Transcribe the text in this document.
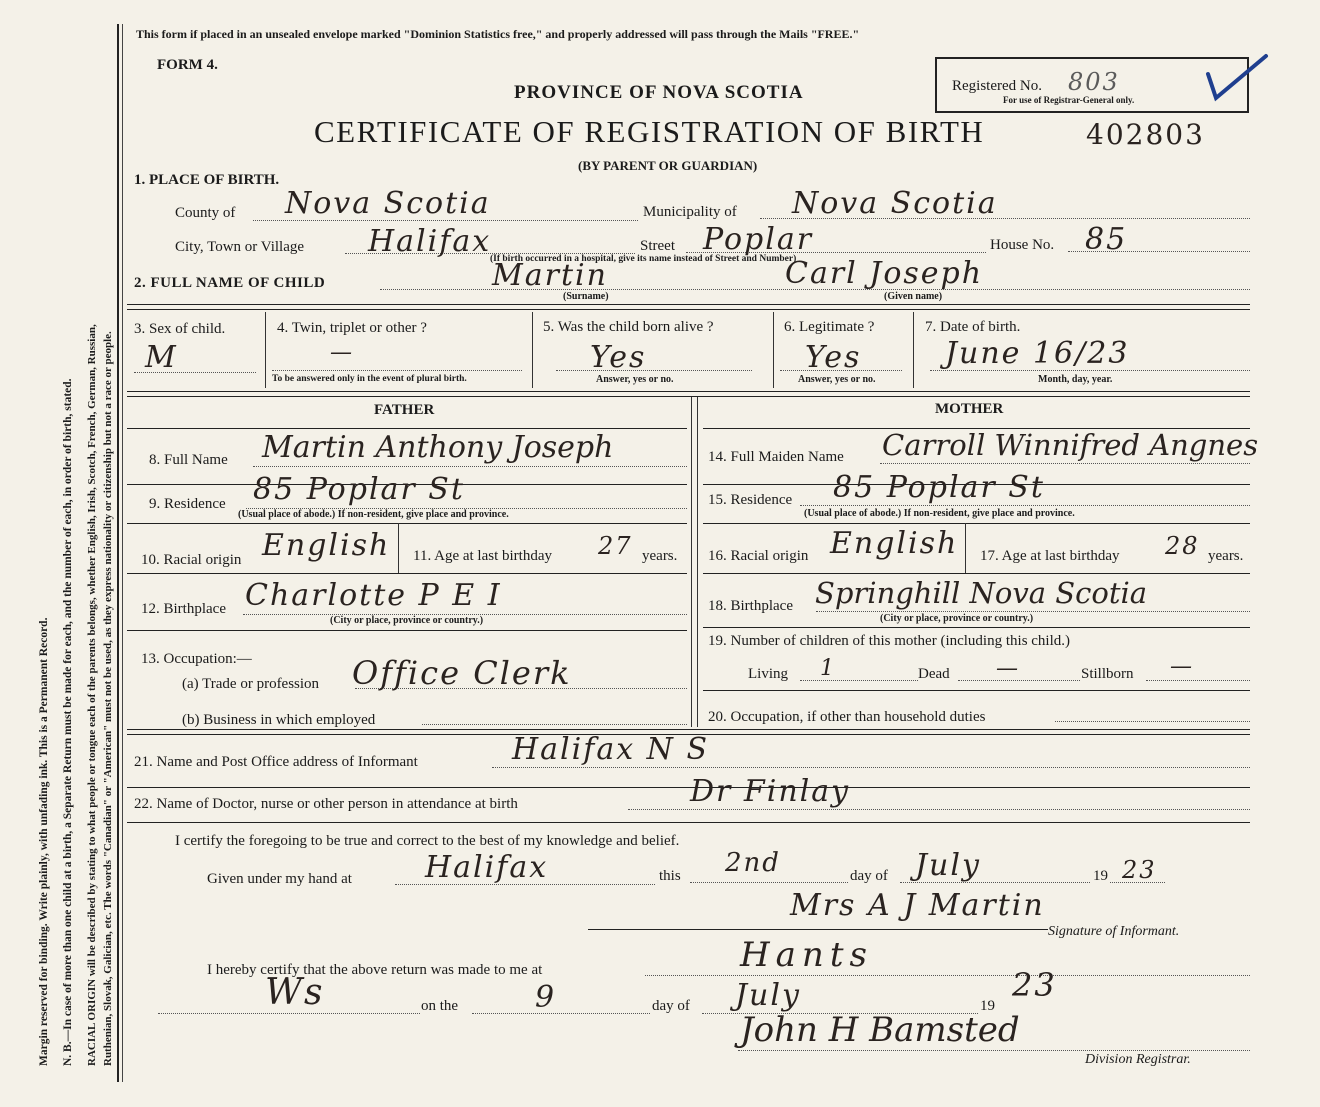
Margin reserved for binding. Write plainly, with unfading ink. This is a Permanent Record. N. B.—In case of more than one child at a birth, a Separate Return must be made for each, and the number of each, in order of birth, stated. RACIAL ORIGIN will be described by stating to what people or tongue each of the parents belongs, whether English, Irish, Scotch, French, German, Russian, Ruthenian, Slovak, Galician, etc. The words "Canadian" or "American" must not be used, as they express nationality or citizenship but not a race or people.
This form if placed in an unsealed envelope marked "Dominion Statistics free," and properly addressed will pass through the Mails "FREE."
FORM 4.
PROVINCE OF NOVA SCOTIA
CERTIFICATE OF REGISTRATION OF BIRTH
(BY PARENT OR GUARDIAN)
402803
Registered No. 803
For use of Registrar-General only.
1. PLACE OF BIRTH.
County of Nova Scotia	Municipality of Nova Scotia
City, Town or Village Halifax	Street Poplar
(If birth occurred in a hospital, give its name instead of Street and Number)
House No. 85
2. FULL NAME OF CHILD	Martin
(Surname)
Carl Joseph
(Given name)
3. Sex of child.
M
4. Twin, triplet or other ?
—
To be answered only in the event of plural birth.
5. Was the child born alive ?
Yes
Answer, yes or no.
6. Legitimate ?
Yes
Answer, yes or no.
7. Date of birth.
June 16/23
Month, day, year.
FATHER	MOTHER
8. Full Name Martin Anthony Joseph
9. Residence 85 Poplar St
(Usual place of abode.) If non-resident, give place and province.
10. Racial origin English 11. Age at last birthday 27 years.
12. Birthplace Charlotte P E I
(City or place, province or country.)
13. Occupation:—
(a) Trade or profession Office Clerk
(b) Business in which employed
14. Full Maiden Name Carroll Winnifred Angnes
15. Residence 85 Poplar St
(Usual place of abode.) If non-resident, give place and province.
16. Racial origin English 17. Age at last birthday 28 years.
18. Birthplace Springhill Nova Scotia
(City or place, province or country.)
19. Number of children of this mother (including this child.)
Living 1	Dead —	Stillborn —
20. Occupation, if other than household duties
21. Name and Post Office address of Informant	Halifax N S
22. Name of Doctor, nurse or other person in attendance at birth	Dr Finlay
I certify the foregoing to be true and correct to the best of my knowledge and belief.
Given under my hand at Halifax	this 2nd	day of July	19 23
Mrs A J Martin
Signature of Informant.
I hereby certify that the above return was made to me at	Hants
Ws	on the	9	day of July	19
23
John H Bamsted
Division Registrar.
